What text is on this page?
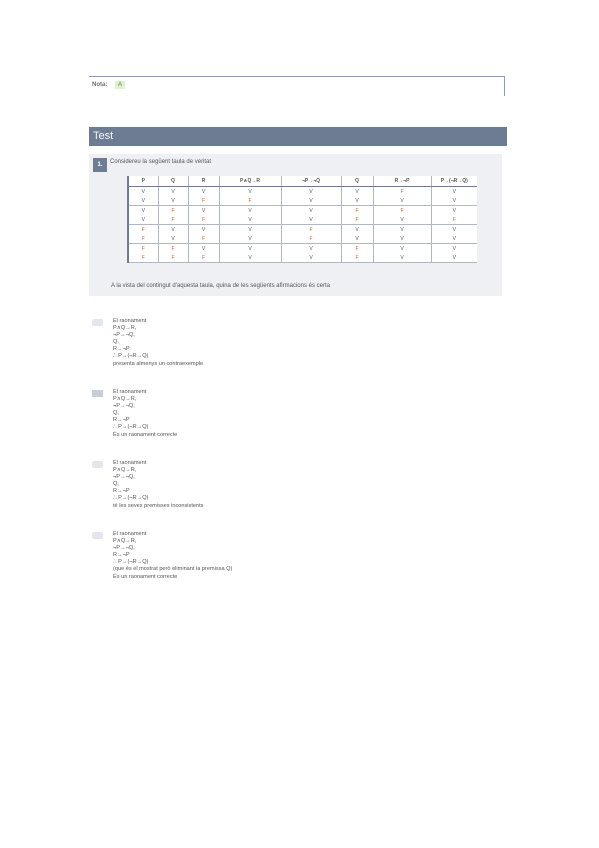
Nota:	A
Test
1.	Considereu la següent taula de veritat
P	Q	R	P∧Q→R	¬P→¬Q	Q	R→¬P	P→(¬R→Q)
V	V	V	V	V	V	F	V
V	V	F	F	V	V	V	V
V	F	V	V	V	F	F	V
V	F	F	V	V	F	V	F
F	V	V	V	F	V	V	V
F	V	F	V	F	V	V	V
F	F	V	V	V	F	V	V
F	F	F	V	V	F	V	V
A la vista del contingut d'aquesta taula, quina de les següents afirmacions és certa
El raonament
P∧Q→R,
¬P→¬Q,
Q,
R→¬P
∴ P→(¬R→Q)
presenta almenys un contraexemple
El raonament
P∧Q→R,
¬P→¬Q,
Q,
R→¬P
∴ P→(¬R→Q)
És un raonament correcte
El raonament
P∧Q→R,
¬P→¬Q,
Q,
R→¬P
∴ P→(¬R→Q)
té les seves premisses inconsistents
El raonament
P∧Q→R,
¬P→¬Q,
R→¬P
∴ P→(¬R→Q)
(que és el mostrat però eliminant la premissa Q)
És un raonament correcte
